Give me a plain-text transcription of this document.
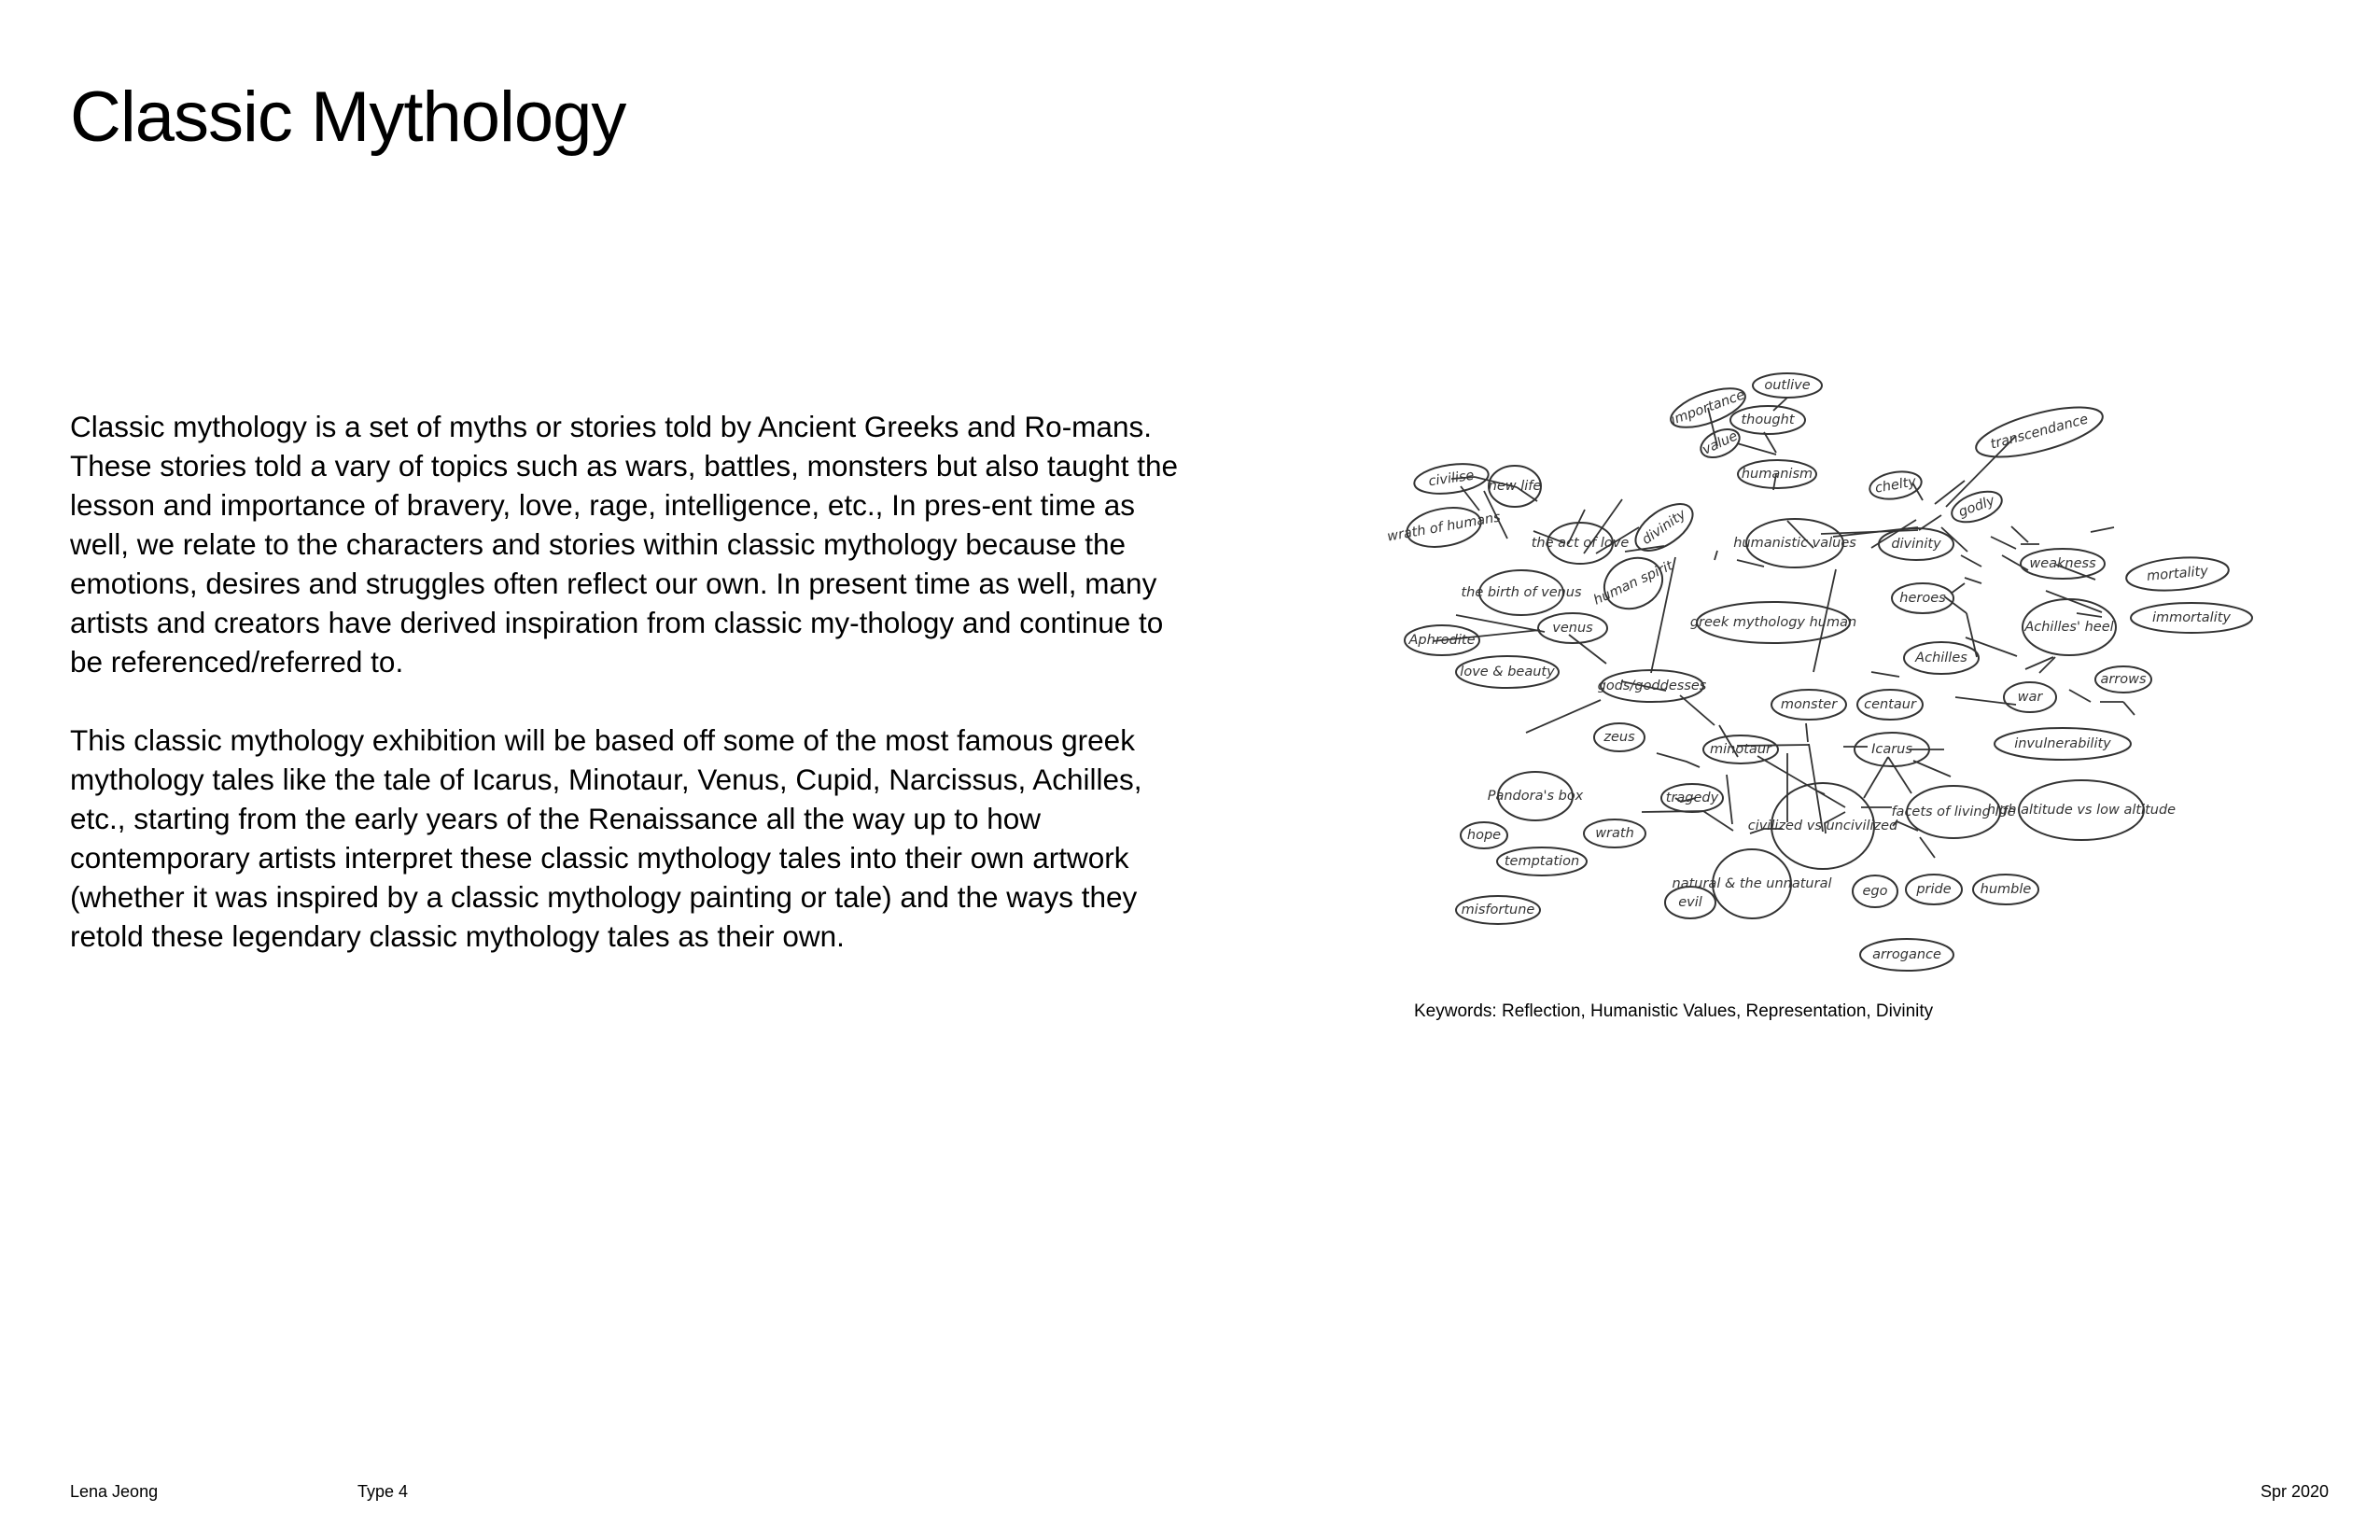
Classic Mythology

Classic mythology is a set of myths or stories told by Ancient Greeks and Ro-mans. These stories told a vary of topics such as wars, battles, monsters but also taught the lesson and importance of bravery, love, rage, intelligence, etc., In pres-ent time as well, we relate to the characters and stories within classic mythology because the emotions, desires and struggles often reflect our own. In present time as well, many artists and creators have derived inspiration from classic my-thology and continue to be referenced/referred to.

This classic mythology exhibition will be based off some of the most famous greek mythology tales like the tale of Icarus, Minotaur, Venus, Cupid, Narcissus, Achilles, etc., starting from the early years of the Renaissance all the way up to how contemporary artists interpret these classic mythology tales into their own artwork (whether it was inspired by a classic mythology painting or tale) and the ways they retold these legendary classic mythology tales as their own.

outlive
importance
thought
value
humanism
transcendance
civilise new life
wrath of humans
chelty
godly
the act of love divinity	humanistic values	divinity
weakness
mortality
the birth of venus human spirit	heroes
Aphrodite
venus	greek mythology human	Achilles' heel
immortality
Achilles
love & beauty
gods/goddesses
monster centaur	war
arrows
zeus
minotaur	Icarus	invulnerability
Pandora's box	tragedy
civilized vs uncivilized
facets of living life
high altitude vs low altitude
hope	wrath
temptation
natural & the unnatural
misfortune	evil
ego pride humble
arrogance
Keywords: Reflection, Humanistic Values, Representation, Divinity
Lena Jeong	Type 4	Spr 2020
